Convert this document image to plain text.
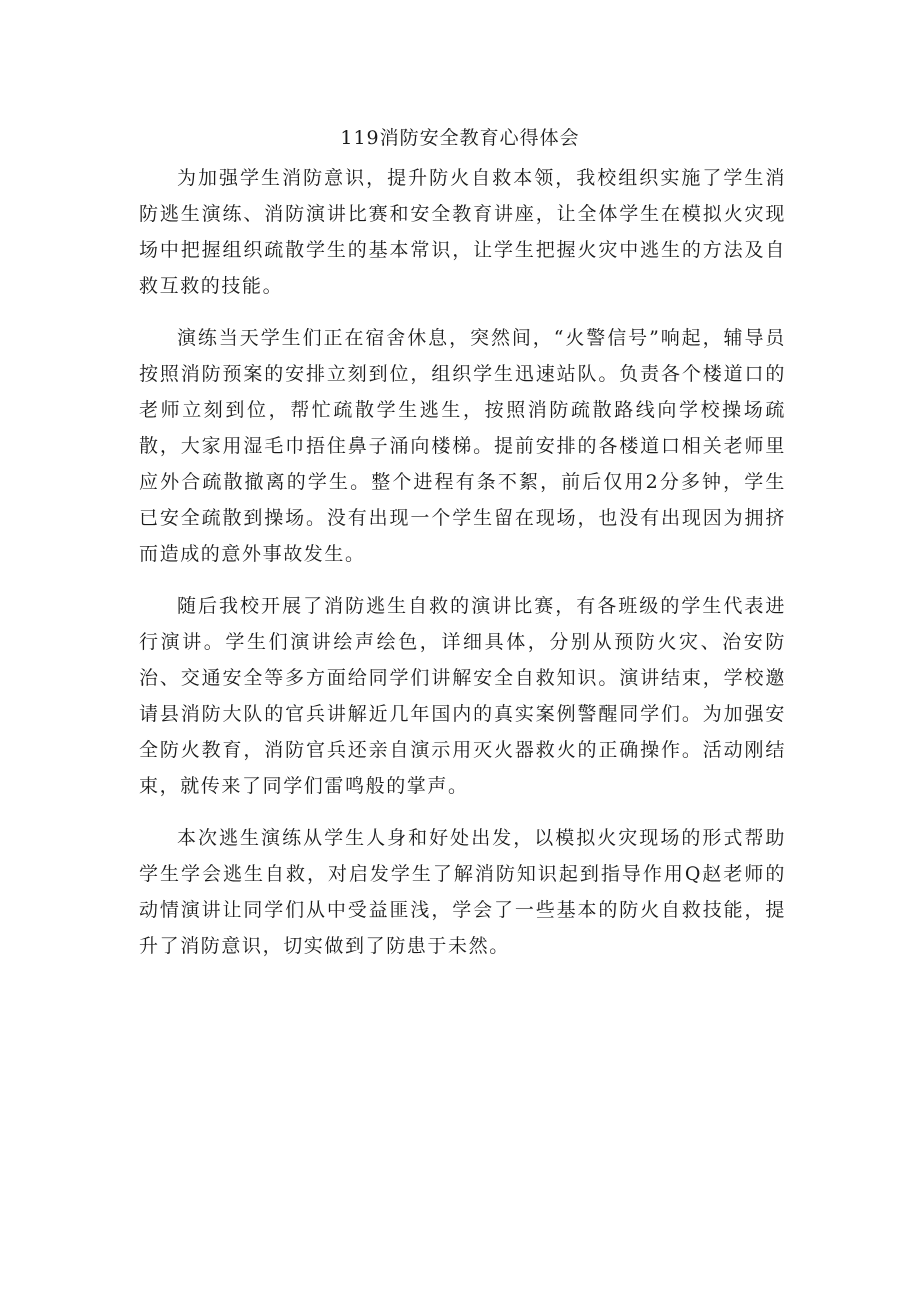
119消防安全教育心得体会

为加强学生消防意识，提升防火自救本领，我校组织实施了学生消防逃生演练、消防演讲比赛和安全教育讲座，让全体学生在模拟火灾现场中把握组织疏散学生的基本常识，让学生把握火灾中逃生的方法及自救互救的技能。

演练当天学生们正在宿舍休息，突然间，“火警信号”响起，辅导员按照消防预案的安排立刻到位，组织学生迅速站队。负责各个楼道口的老师立刻到位，帮忙疏散学生逃生，按照消防疏散路线向学校操场疏散，大家用湿毛巾捂住鼻子涌向楼梯。提前安排的各楼道口相关老师里应外合疏散撤离的学生。整个进程有条不絮，前后仅用2分多钟，学生已安全疏散到操场。没有出现一个学生留在现场，也没有出现因为拥挤而造成的意外事故发生。

随后我校开展了消防逃生自救的演讲比赛，有各班级的学生代表进行演讲。学生们演讲绘声绘色，详细具体，分别从预防火灾、治安防治、交通安全等多方面给同学们讲解安全自救知识。演讲结束，学校邀请县消防大队的官兵讲解近几年国内的真实案例警醒同学们。为加强安全防火教育，消防官兵还亲自演示用灭火器救火的正确操作。活动刚结束，就传来了同学们雷鸣般的掌声。

本次逃生演练从学生人身和好处出发，以模拟火灾现场的形式帮助学生学会逃生自救，对启发学生了解消防知识起到指导作用Q赵老师的动情演讲让同学们从中受益匪浅，学会了一些基本的防火自救技能，提升了消防意识，切实做到了防患于未然。
